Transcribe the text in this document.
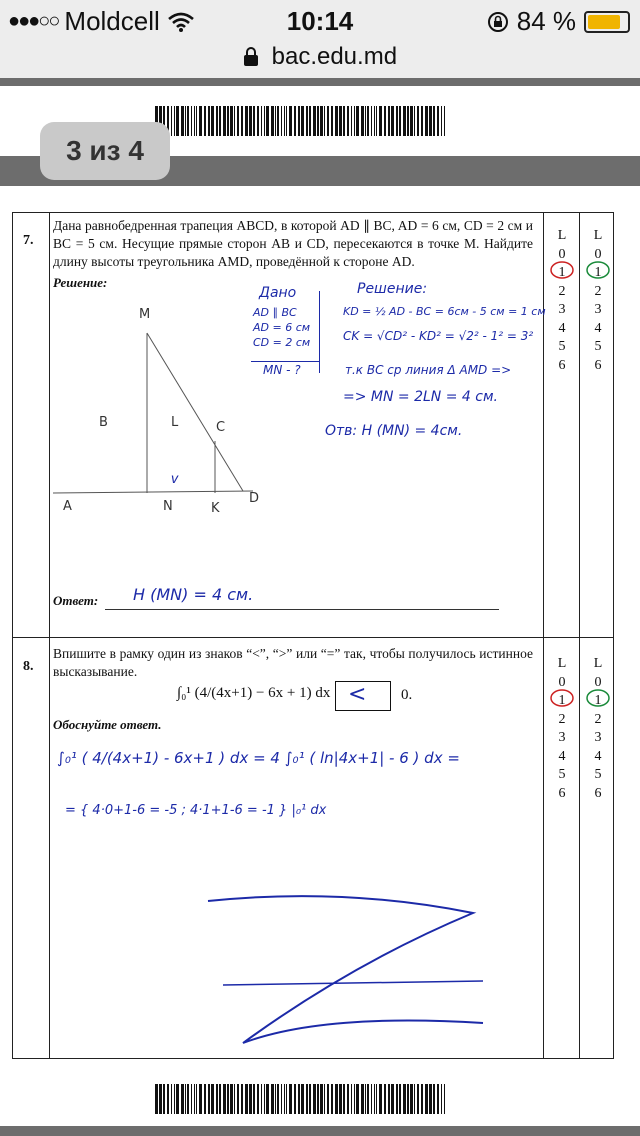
●●●○○ Moldcell	10:14	84 %
bac.edu.md
3 из 4
7.
Дана равнобедренная трапеция ABCD, в которой AD ∥ BC, AD = 6 см, CD = 2 см и BC = 5 см. Несущие прямые сторон AB и CD, пересекаются в точке M. Найдите длину высоты треугольника AMD, проведённой к стороне AD.
Решение:
L
0
1
2
3
4
5
6
L
0
1
2
3
4
5
6
v
M
B	L	C
A	N	K
D
Дано
AD ∥ BC
AD = 6 см
CD = 2 см
MN - ?
Решение:
KD = ½ AD - BC = 6см - 5 см = 1 см
CK = √CD² - KD² = √2² - 1² = 3²
т.к BC ср линия Δ AMD =>
=> MN = 2LN = 4 см.
Отв: H (MN) = 4см.
Ответ: H (MN) = 4 см.
8.
Впишите в рамку один из знаков “<”, “>” или “=” так, чтобы получилось истинное высказывание.
∫₀¹ (4/(4x+1) − 6x + 1) dx < 0.
Обоснуйте ответ.
L
0
1
2
3
4
5
6
L
0
1
2
3
4
5
6
∫₀¹ ( 4/(4x+1) - 6x+1 ) dx = 4 ∫₀¹ ( ln|4x+1| - 6 ) dx =
= { 4·0+1-6 = -5 ; 4·1+1-6 = -1 } |₀¹ dx
